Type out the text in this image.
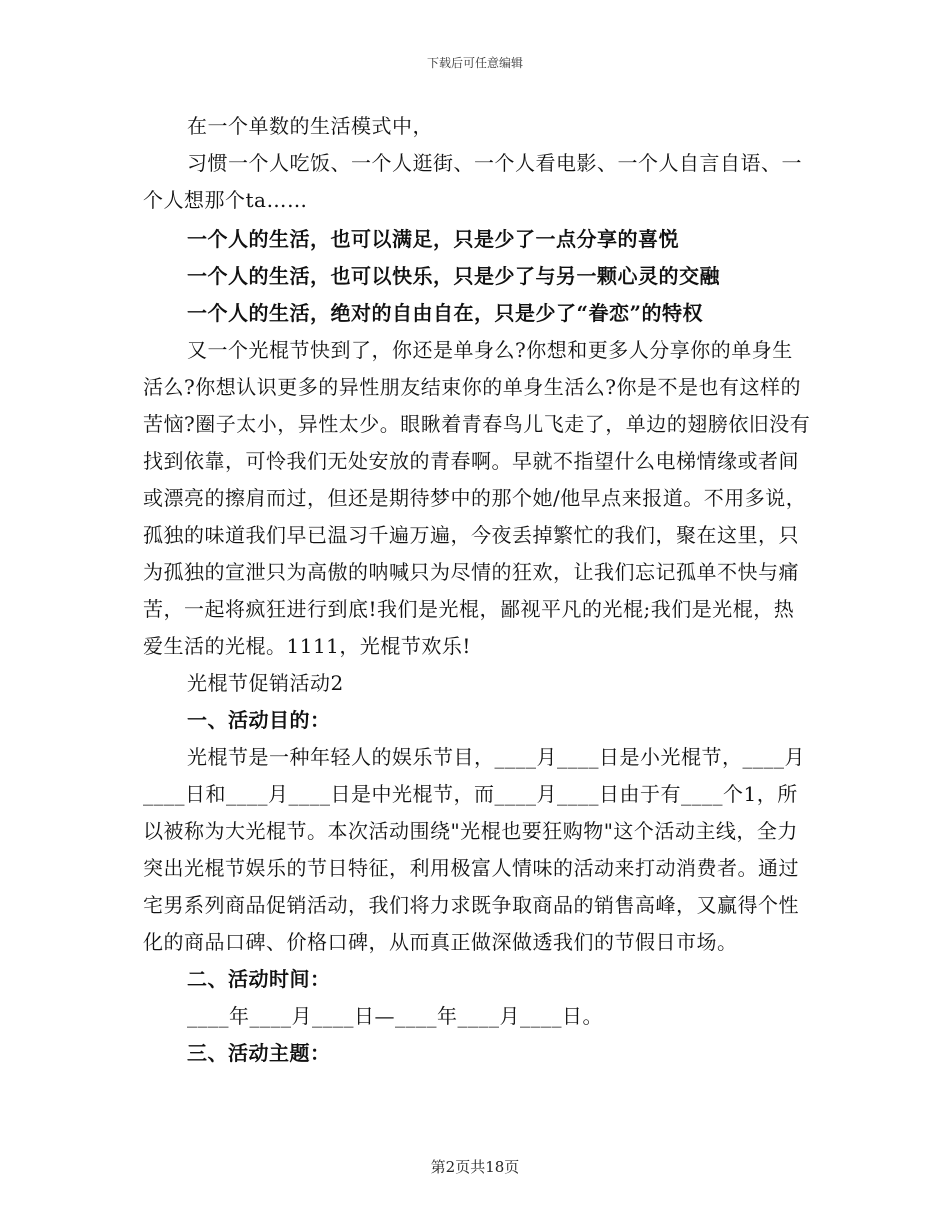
下载后可任意编辑

在一个单数的生活模式中，

习惯一个人吃饭、一个人逛街、一个人看电影、一个人自言自语、一个人想那个ta……

一个人的生活，也可以满足，只是少了一点分享的喜悦

一个人的生活，也可以快乐，只是少了与另一颗心灵的交融

一个人的生活，绝对的自由自在，只是少了“眷恋”的特权

又一个光棍节快到了，你还是单身么?你想和更多人分享你的单身生活么?你想认识更多的异性朋友结束你的单身生活么?你是不是也有这样的苦恼?圈子太小，异性太少。眼瞅着青春鸟儿飞走了，单边的翅膀依旧没有找到依靠，可怜我们无处安放的青春啊。早就不指望什么电梯情缘或者间或漂亮的擦肩而过，但还是期待梦中的那个她/他早点来报道。不用多说，孤独的味道我们早已温习千遍万遍，今夜丢掉繁忙的我们，聚在这里，只为孤独的宣泄只为高傲的呐喊只为尽情的狂欢，让我们忘记孤单不快与痛苦，一起将疯狂进行到底!我们是光棍，鄙视平凡的光棍;我们是光棍，热爱生活的光棍。1111，光棍节欢乐!

光棍节促销活动2

一、活动目的：

光棍节是一种年轻人的娱乐节目，____月____日是小光棍节，____月____日和____月____日是中光棍节，而____月____日由于有____个1，所以被称为大光棍节。本次活动围绕"光棍也要狂购物"这个活动主线，全力突出光棍节娱乐的节日特征，利用极富人情味的活动来打动消费者。通过宅男系列商品促销活动，我们将力求既争取商品的销售高峰，又赢得个性化的商品口碑、价格口碑，从而真正做深做透我们的节假日市场。

二、活动时间：

____年____月____日—____年____月____日。

三、活动主题：

第2页共18页
